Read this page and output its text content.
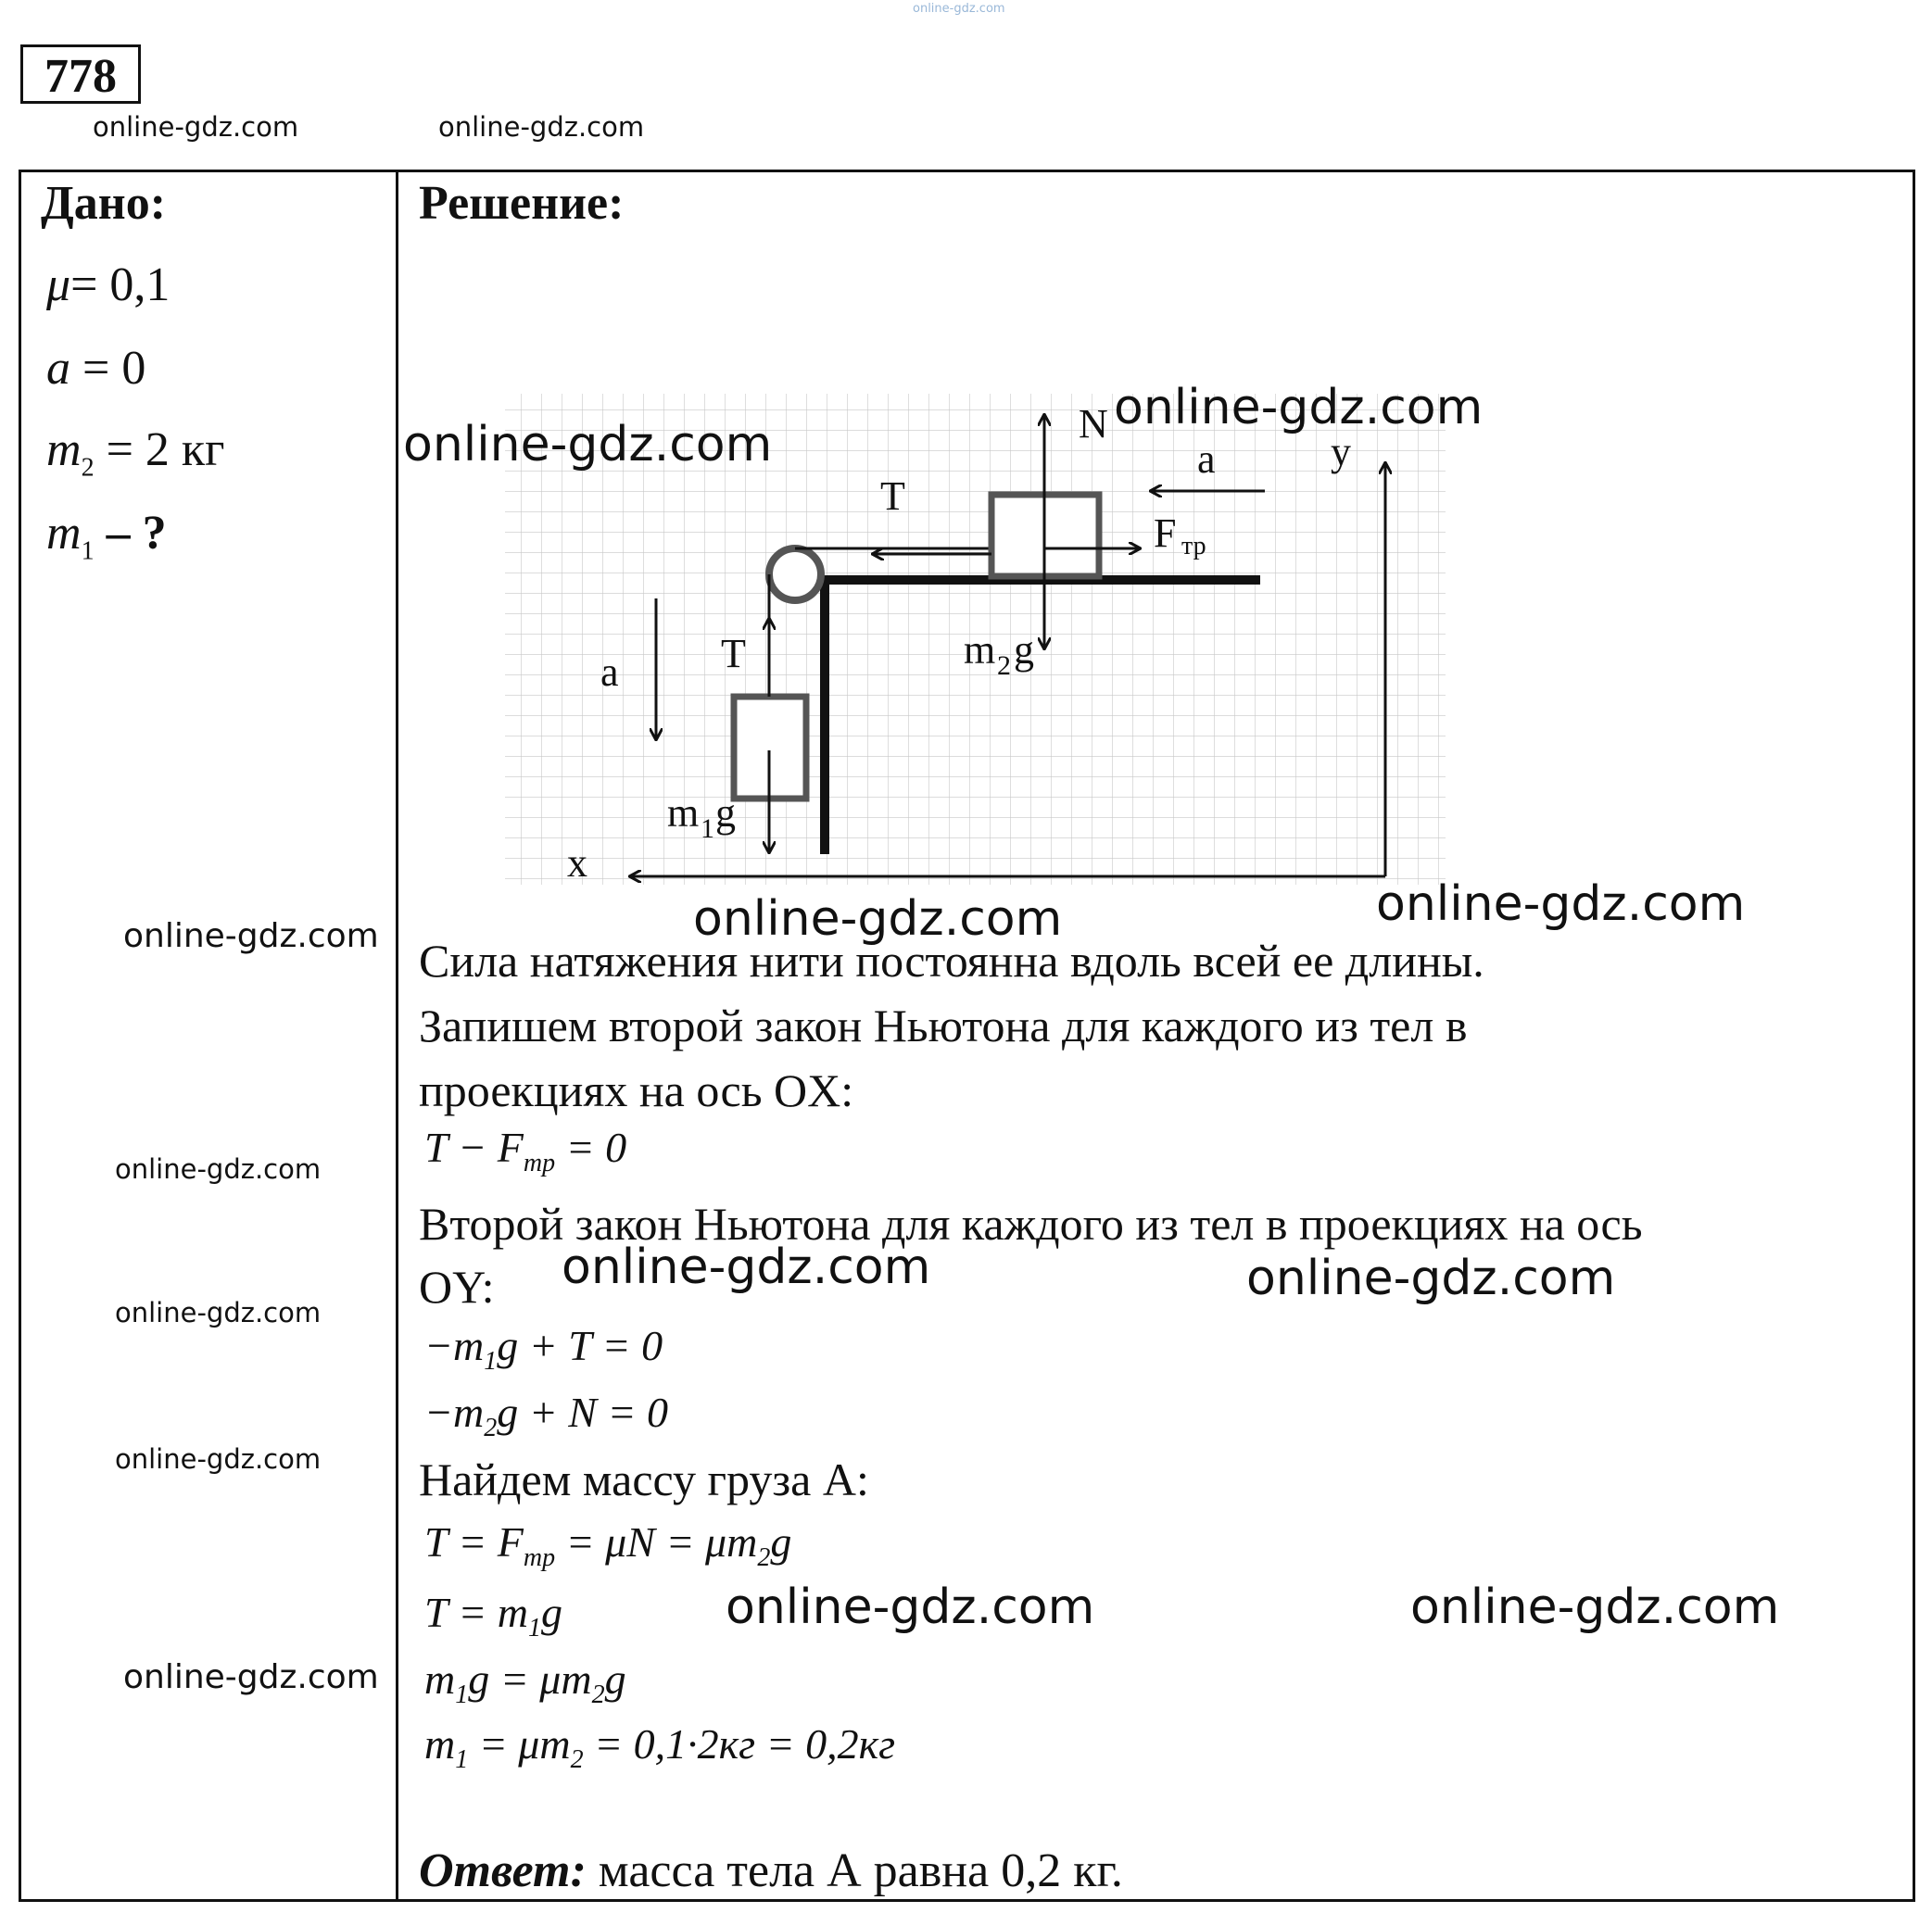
online-gdz.com
778
online-gdz.com	online-gdz.com
Дано:
μ= 0,1
a = 0
$m_2 = 2$ кг
$m_1$ – ?
Решение:
N
a	y
T
F тр
T
a	m 2 g
m 1 g
x
Сила натяжения нити постоянна вдоль всей ее длины.
Запишем второй закон Ньютона для каждого из тел в
проекциях на ось OX:
$T - F_{тр} = 0$
Второй закон Ньютона для каждого из тел в проекциях на ось
OY:
$-m_1g + T = 0$
$-m_2g + N = 0$
Найдем массу груза А:
$T = F_{тр} = \mu N = \mu m_2g$
$T = m_1g$
$m_1g = \mu m_2g$
$m_1 = \mu m_2 = 0,1\cdot 2кг = 0,2кг$
Ответ: масса тела А равна 0,2 кг.
online-gdz.com
online-gdz.com
online-gdz.com	online-gdz.com
online-gdz.com
online-gdz.com
online-gdz.com
online-gdz.com
online-gdz.com	online-gdz.com
online-gdz.com	online-gdz.com
online-gdz.com
